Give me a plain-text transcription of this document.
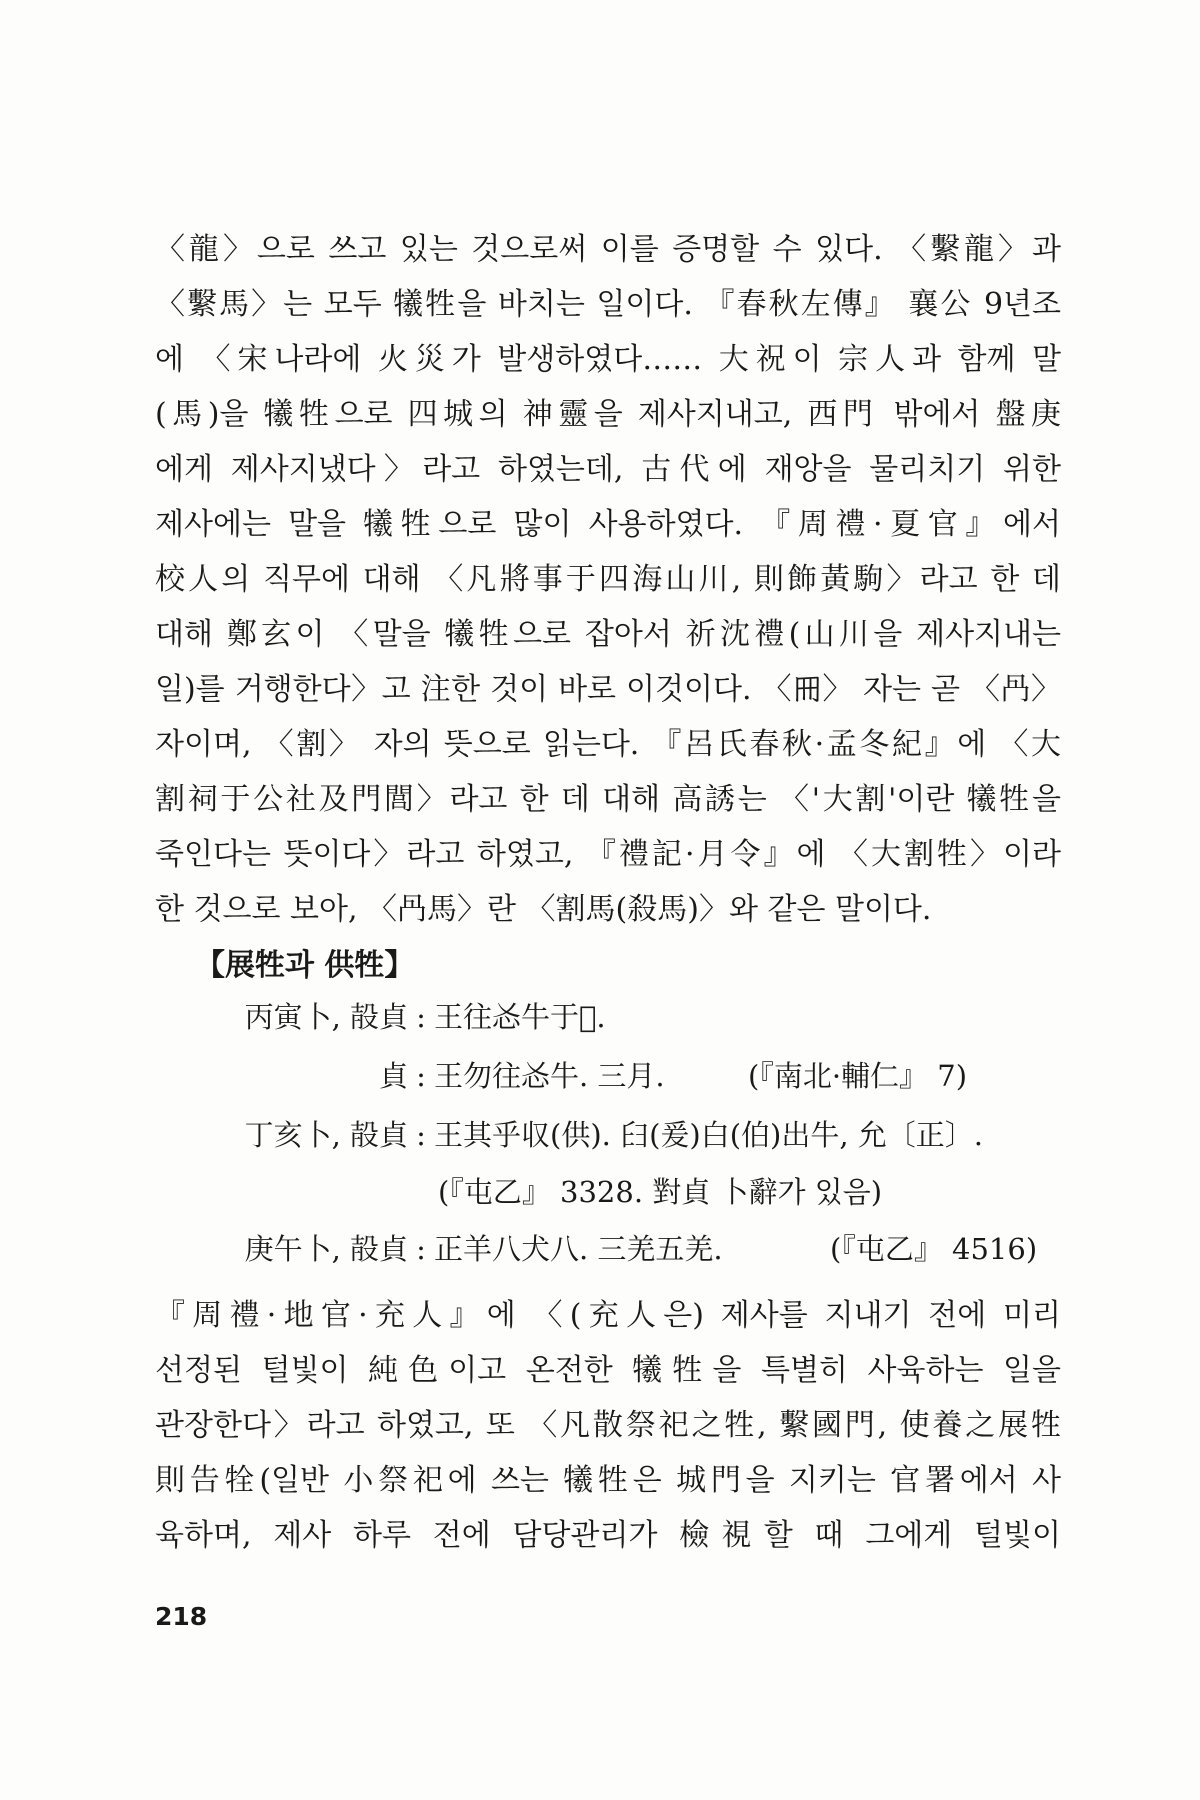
〈龍〉으로 쓰고 있는 것으로써 이를 증명할 수 있다. 〈繫龍〉과
〈繫馬〉는 모두 犧牲을 바치는 일이다. 『春秋左傳』 襄公 9년조
에 〈宋나라에 火災가 발생하였다…… 大祝이 宗人과 함께 말
(馬)을 犧牲으로 四城의 神靈을 제사지내고, 西門 밖에서 盤庚
에게 제사지냈다〉라고 하였는데, 古代에 재앙을 물리치기 위한
제사에는 말을 犧牲으로 많이 사용하였다. 『周禮·夏官』에서
校人의 직무에 대해 〈凡將事于四海山川, 則飾黃駒〉라고 한 데
대해 鄭玄이 〈말을 犧牲으로 잡아서 祈沈禮(山川을 제사지내는
일)를 거행한다〉고 注한 것이 바로 이것이다. 〈𠕁〉 자는 곧 〈冎〉
자이며, 〈割〉 자의 뜻으로 읽는다. 『呂氏春秋·孟冬紀』에 〈大
割祠于公社及門閭〉라고 한 데 대해 高誘는 〈'大割'이란 犧牲을
죽인다는 뜻이다〉라고 하였고, 『禮記·月令』에 〈大割牲〉이라
한 것으로 보아, 〈冎馬〉란 〈割馬(殺馬)〉와 같은 말이다.
【展牲과 供牲】
丙寅卜, 㱿貞 : 王往㣻牛于𦎫.
貞 : 王勿往㣻牛. 三月.	(『南北·輔仁』 7)
丁亥卜, 㱿貞 : 王其乎収(供). 𦥑(爰)白(伯)出牛, 允〔正〕.
(『屯乙』 3328. 對貞 卜辭가 있음)
庚午卜, 㱿貞 : 正羊八犬八. 三羌五羌.	(『屯乙』 4516)
『周禮·地官·充人』에 〈(充人은) 제사를 지내기 전에 미리
선정된 털빛이 純色이고 온전한 犧牲을 특별히 사육하는 일을
관장한다〉라고 하였고, 또 〈凡散祭祀之牲, 繫國門, 使養之展牲
則告牷(일반 小祭祀에 쓰는 犧牲은 城門을 지키는 官署에서 사
육하며, 제사 하루 전에 담당관리가 檢視할 때 그에게 털빛이
218
